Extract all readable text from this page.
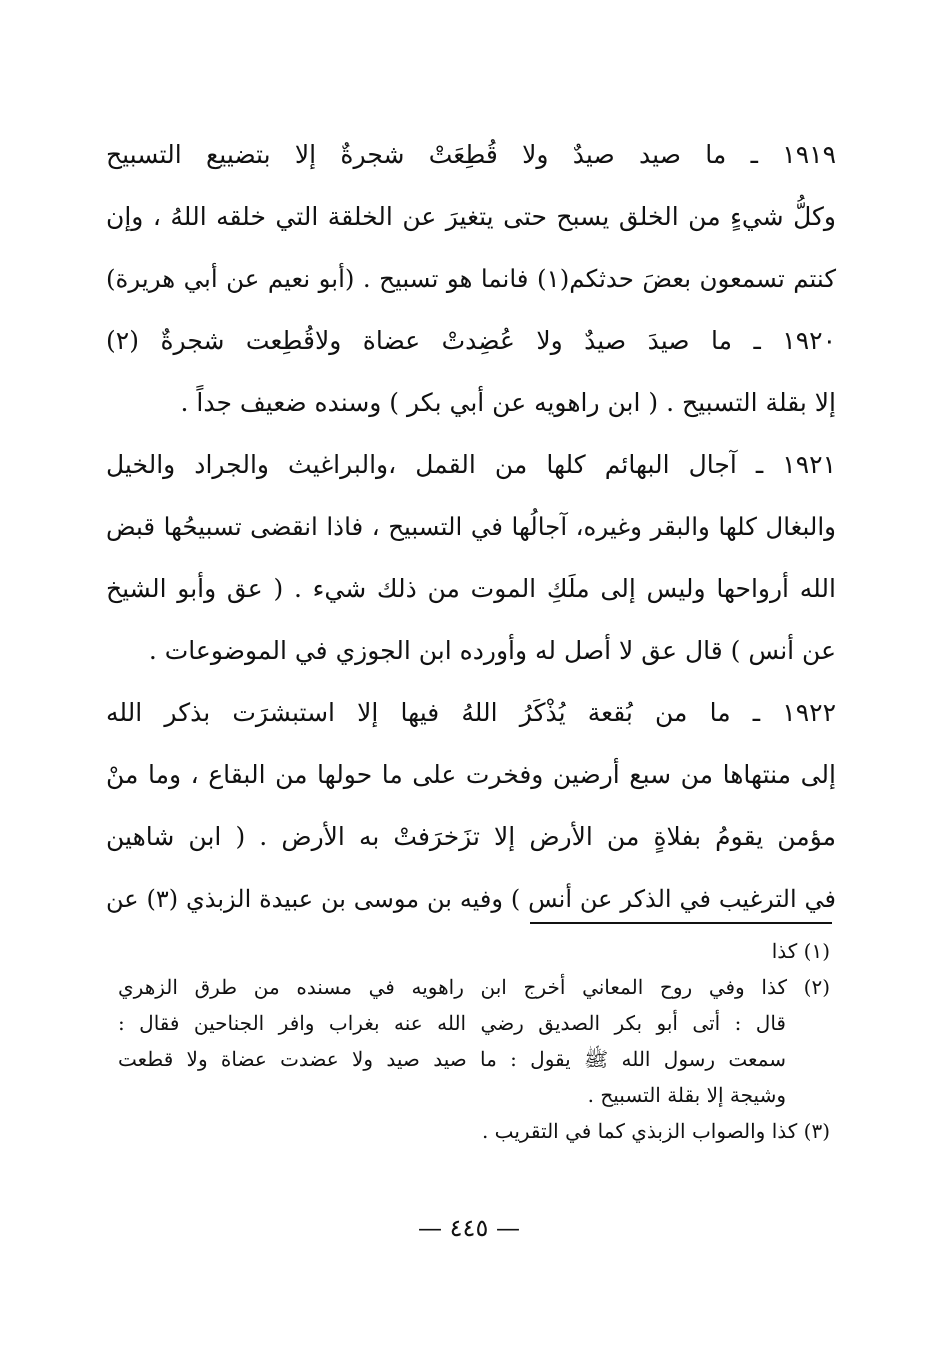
١٩١٩ ـ ما صيد صيدٌ ولا قُطِعَتْ شجرةٌ إلا بتضييع التسبيح
وكلُّ شيءٍ من الخلق يسبح حتى يتغيرَ عن الخلقة التي خلقه اللهُ ، وإن
كنتم تسمعون بعضَ حدثكم(١) فانما هو تسبيح . (أبو نعيم عن أبي هريرة)
١٩٢٠ ـ ما صيدَ صيدٌ ولا عُضِدتْ عضاة ولاقُطِعت شجرةٌ (٢)
إلا بقلة التسبيح . ( ابن راهويه عن أبي بكر ) وسنده ضعيف جداً .
١٩٢١ ـ آجال البهائم كلها من القمل ،والبراغيث والجراد والخيل
والبغال كلها والبقر وغيره، آجالُها في التسبيح ، فاذا انقضى تسبيحُها قبض
الله أرواحها وليس إلى ملَكِ الموت من ذلك شيء . ( عق وأبو الشيخ
عن أنس ) قال عق لا أصل له وأورده ابن الجوزي في الموضوعات .
١٩٢٢ ـ ما من بُقعة يُذْكَرُ اللهُ فيها إلا استبشرَت بذكر الله
إلى منتهاها من سبع أرضين وفخرت على ما حولها من البقاع ، وما منْ
مؤمن يقومُ بفلاةٍ من الأرض إلا تزَخرَفتْ به الأرض . ( ابن شاهين
في الترغيب في الذكر عن أنس ) وفيه بن موسى بن عبيدة الزبذي (٣) عن
(١) كذا
(٢) كذا وفي روح المعاني أخرج ابن راهويه في مسنده من طرق الزهري
قال : أتى أبو بكر الصديق رضي الله عنه بغراب وافر الجناحين فقال :
سمعت رسول الله ﷺ يقول : ما صيد صيد ولا عضدت عضاة ولا قطعت
وشيجة إلا بقلة التسبيح .
(٣) كذا والصواب الزبذي كما في التقريب .
— ٤٤٥ —
